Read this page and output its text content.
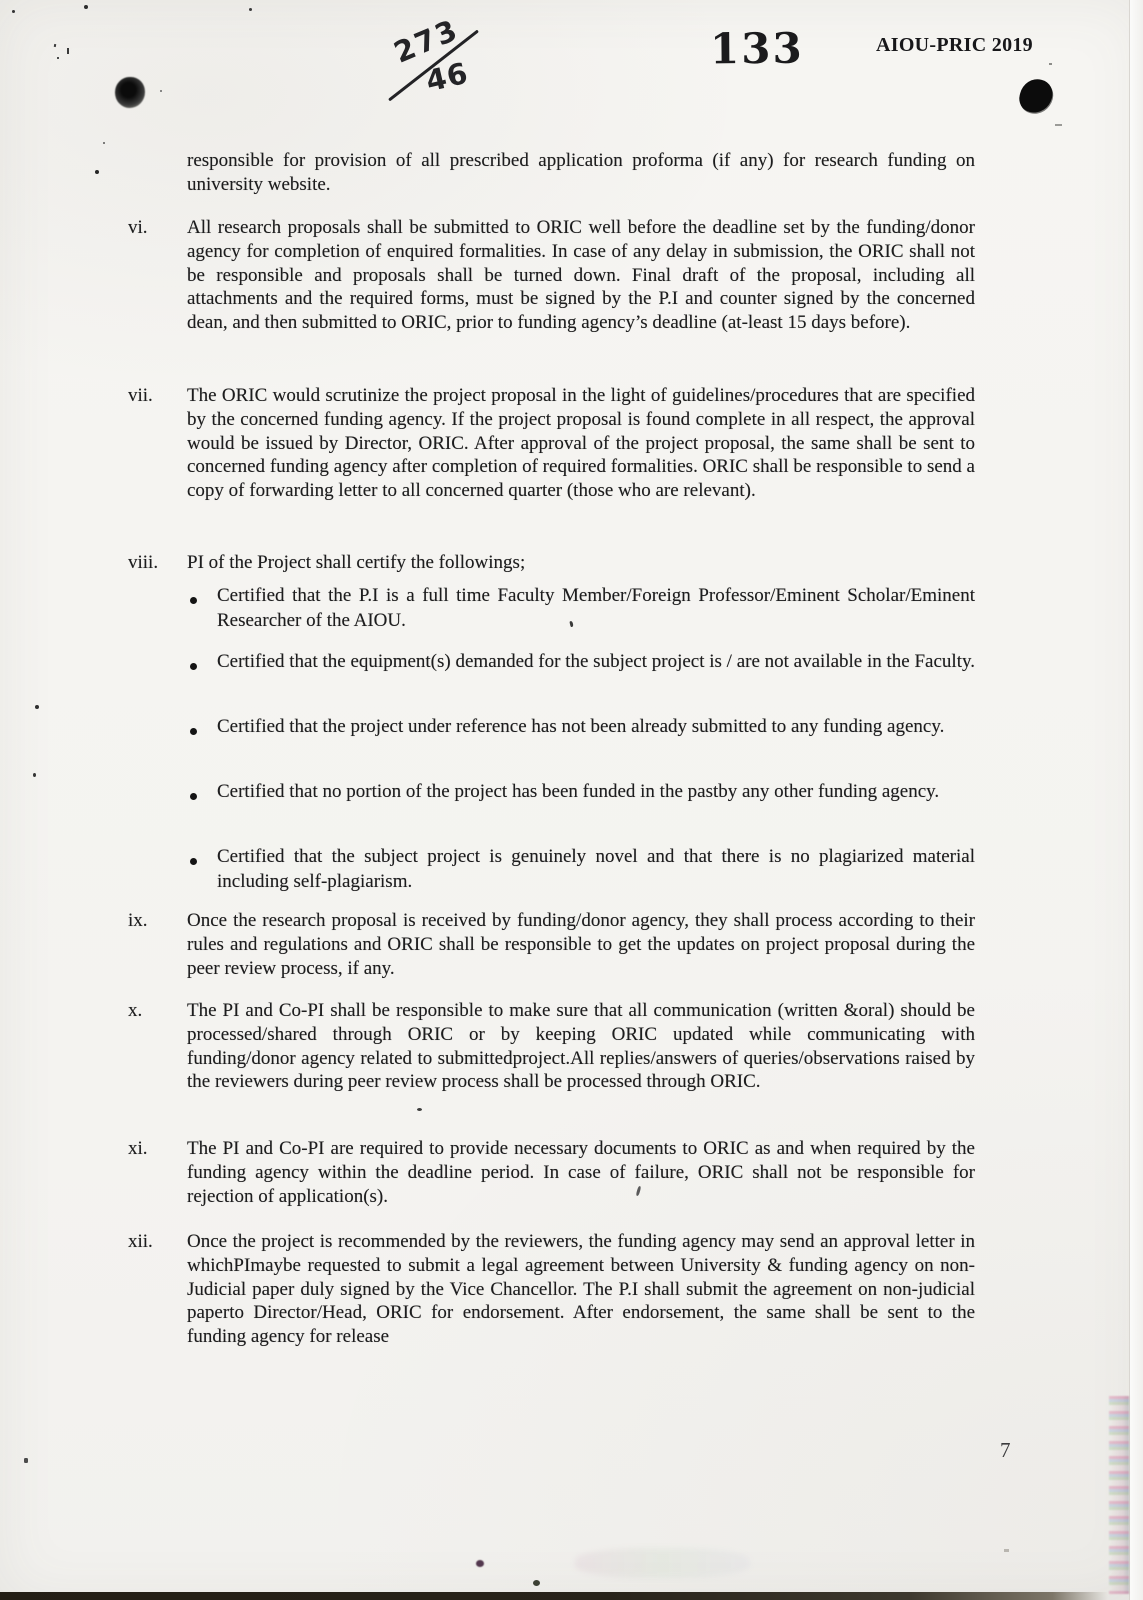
273
46
133	AIOU-PRIC 2019
responsible for provision of all prescribed application proforma (if any) for research funding on university website.
vi.	All research proposals shall be submitted to ORIC well before the deadline set by the funding/donor agency for completion of enquired formalities. In case of any delay in submission, the ORIC shall not be responsible and proposals shall be turned down. Final draft of the proposal, including all attachments and the required forms, must be signed by the P.I and counter signed by the concerned dean, and then submitted to ORIC, prior to funding agency’s deadline (at-least 15 days before).
vii.	The ORIC would scrutinize the project proposal in the light of guidelines/procedures that are specified by the concerned funding agency. If the project proposal is found complete in all respect, the approval would be issued by Director, ORIC. After approval of the project proposal, the same shall be sent to concerned funding agency after completion of required formalities. ORIC shall be responsible to send a copy of forwarding letter to all concerned quarter (those who are relevant).
viii.	PI of the Project shall certify the followings;
Certified that the P.I is a full time Faculty Member/Foreign Professor/Eminent Scholar/Eminent Researcher of the AIOU.
Certified that the equipment(s) demanded for the subject project is / are not available in the Faculty.
Certified that the project under reference has not been already submitted to any funding agency.
Certified that no portion of the project has been funded in the pastby any other funding agency.
Certified that the subject project is genuinely novel and that there is no plagiarized material including self-plagiarism.
ix.	Once the research proposal is received by funding/donor agency, they shall process according to their rules and regulations and ORIC shall be responsible to get the updates on project proposal during the peer review process, if any.
x.	The PI and Co-PI shall be responsible to make sure that all communication (written &oral) should be processed/shared through ORIC or by keeping ORIC updated while communicating with funding/donor agency related to submittedproject.All replies/answers of queries/observations raised by the reviewers during peer review process shall be processed through ORIC.
xi.	The PI and Co-PI are required to provide necessary documents to ORIC as and when required by the funding agency within the deadline period. In case of failure, ORIC shall not be responsible for rejection of application(s).
xii.	Once the project is recommended by the reviewers, the funding agency may send an approval letter in whichPImaybe requested to submit a legal agreement between University & funding agency on non-Judicial paper duly signed by the Vice Chancellor. The P.I shall submit the agreement on non-judicial paperto Director/Head, ORIC for endorsement. After endorsement, the same shall be sent to the funding agency for release
7
